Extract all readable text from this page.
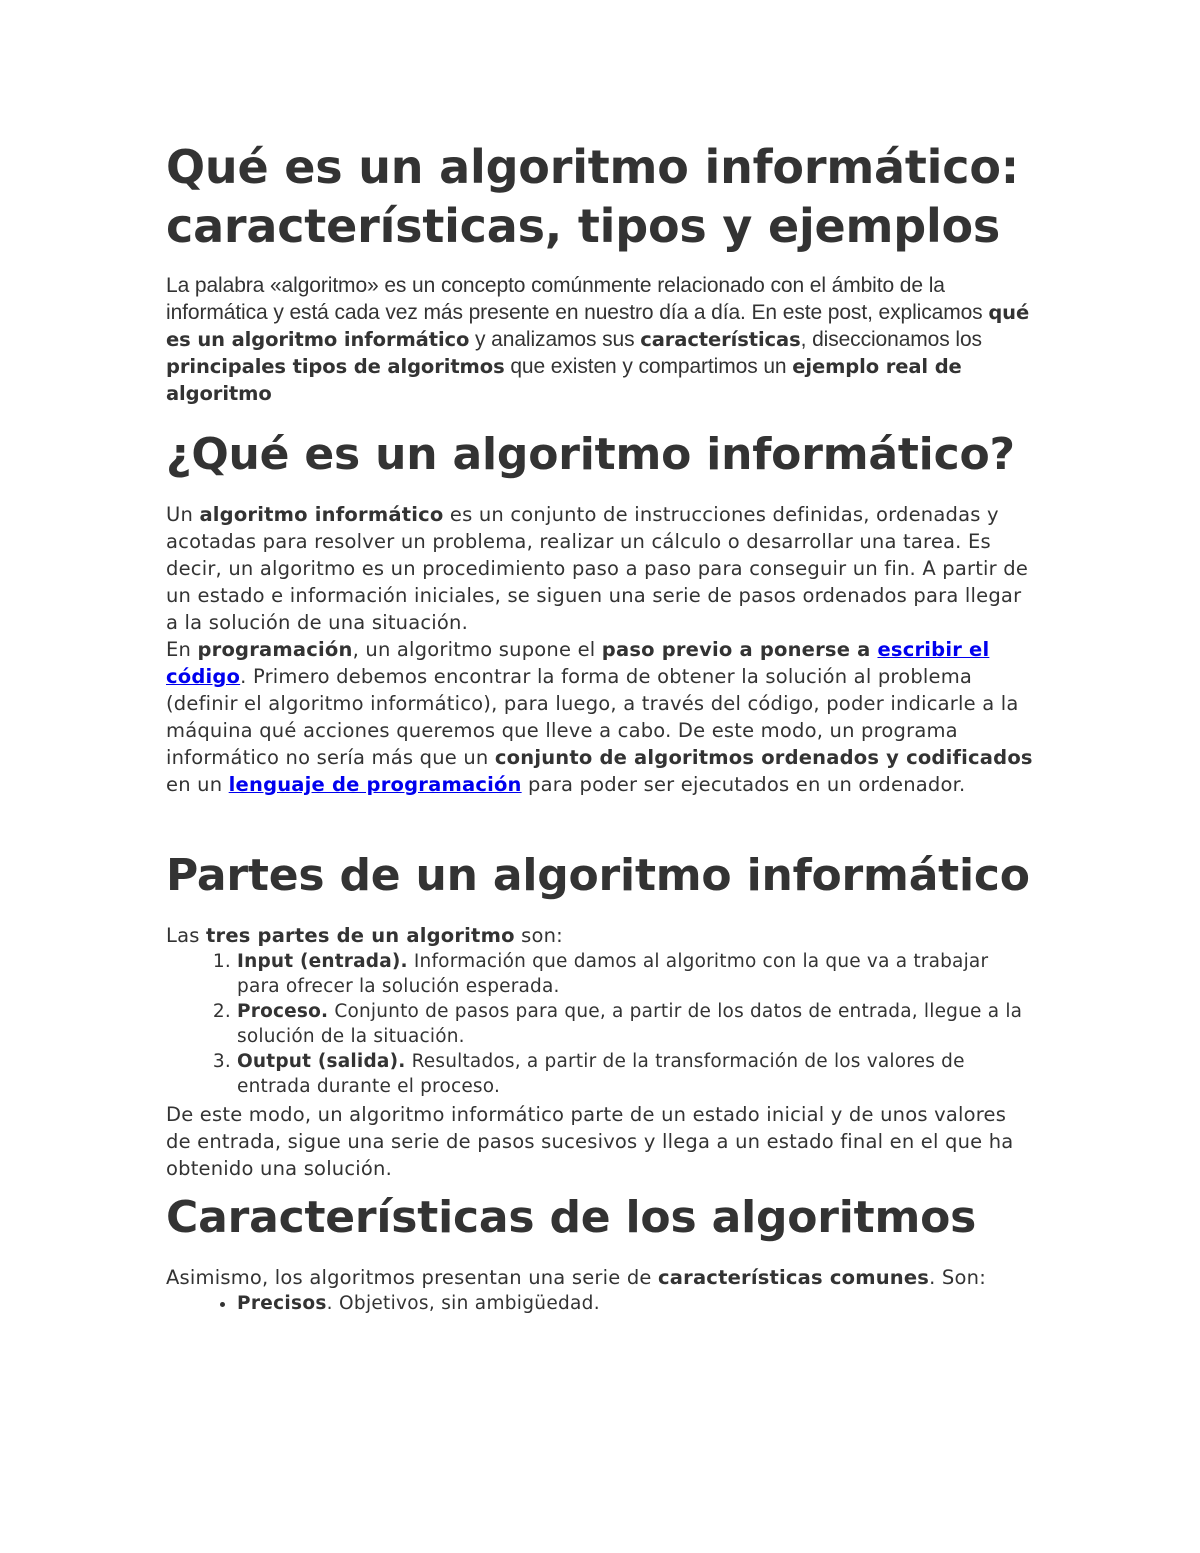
Qué es un algoritmo informático:
características, tipos y ejemplos

La palabra «algoritmo» es un concepto comúnmente relacionado con el ámbito de la informática y está cada vez más presente en nuestro día a día. En este post, explicamos qué es un algoritmo informático y analizamos sus características, diseccionamos los principales tipos de algoritmos que existen y compartimos un ejemplo real de algoritmo

¿Qué es un algoritmo informático?

Un algoritmo informático es un conjunto de instrucciones definidas, ordenadas y acotadas para resolver un problema, realizar un cálculo o desarrollar una tarea. Es decir, un algoritmo es un procedimiento paso a paso para conseguir un fin. A partir de un estado e información iniciales, se siguen una serie de pasos ordenados para llegar a la solución de una situación.

En programación, un algoritmo supone el paso previo a ponerse a escribir el código. Primero debemos encontrar la forma de obtener la solución al problema (definir el algoritmo informático), para luego, a través del código, poder indicarle a la máquina qué acciones queremos que lleve a cabo. De este modo, un programa informático no sería más que un conjunto de algoritmos ordenados y codificados en un lenguaje de programación para poder ser ejecutados en un ordenador.

Partes de un algoritmo informático

Las tres partes de un algoritmo son:

1. Input (entrada). Información que damos al algoritmo con la que va a trabajar para ofrecer la solución esperada.
2. Proceso. Conjunto de pasos para que, a partir de los datos de entrada, llegue a la solución de la situación.
3. Output (salida). Resultados, a partir de la transformación de los valores de entrada durante el proceso.

De este modo, un algoritmo informático parte de un estado inicial y de unos valores de entrada, sigue una serie de pasos sucesivos y llega a un estado final en el que ha obtenido una solución.

Características de los algoritmos

Asimismo, los algoritmos presentan una serie de características comunes. Son:

• Precisos. Objetivos, sin ambigüedad.
